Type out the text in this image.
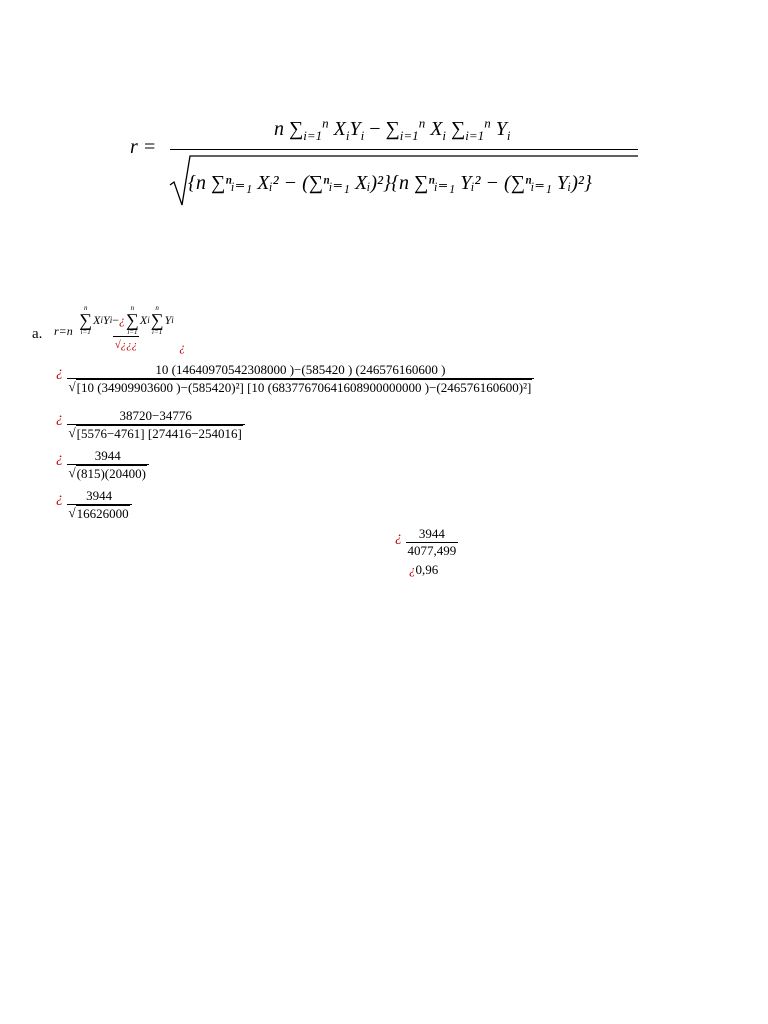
r =
n $\sum_{i=1}^n$ $X_iY_i - \sum_{i=1}^n$ $X_i$ $\sum_{i=1}^n$ $Y_i$
{n ∑ⁿᵢ₌₁ Xᵢ² − (∑ⁿᵢ₌₁ Xᵢ)²}{n ∑ⁿᵢ₌₁ Yᵢ² − (∑ⁿᵢ₌₁ Yᵢ)²}
a. r=n
n
∑
i=1
X i Y i − ¿
n
∑
i=1
X i
n
∑
i=1
Y i
√¿¿¿	¿
¿	10 (14640970542308000 )−(585420 ) (246576160600 )
√ [10 (34909903600 )−(585420)²] [10 (68377670641608900000000 )−(246576160600)²]
¿ $\frac{38720-34776}{√ [5576-4761] [274416-254016]}$
¿ $\frac{3944}{√ (815)(20400)}$
¿ $\frac{3944}{√ 16626000}$
¿ $\frac{3944}{4077,499}$
¿0,96
